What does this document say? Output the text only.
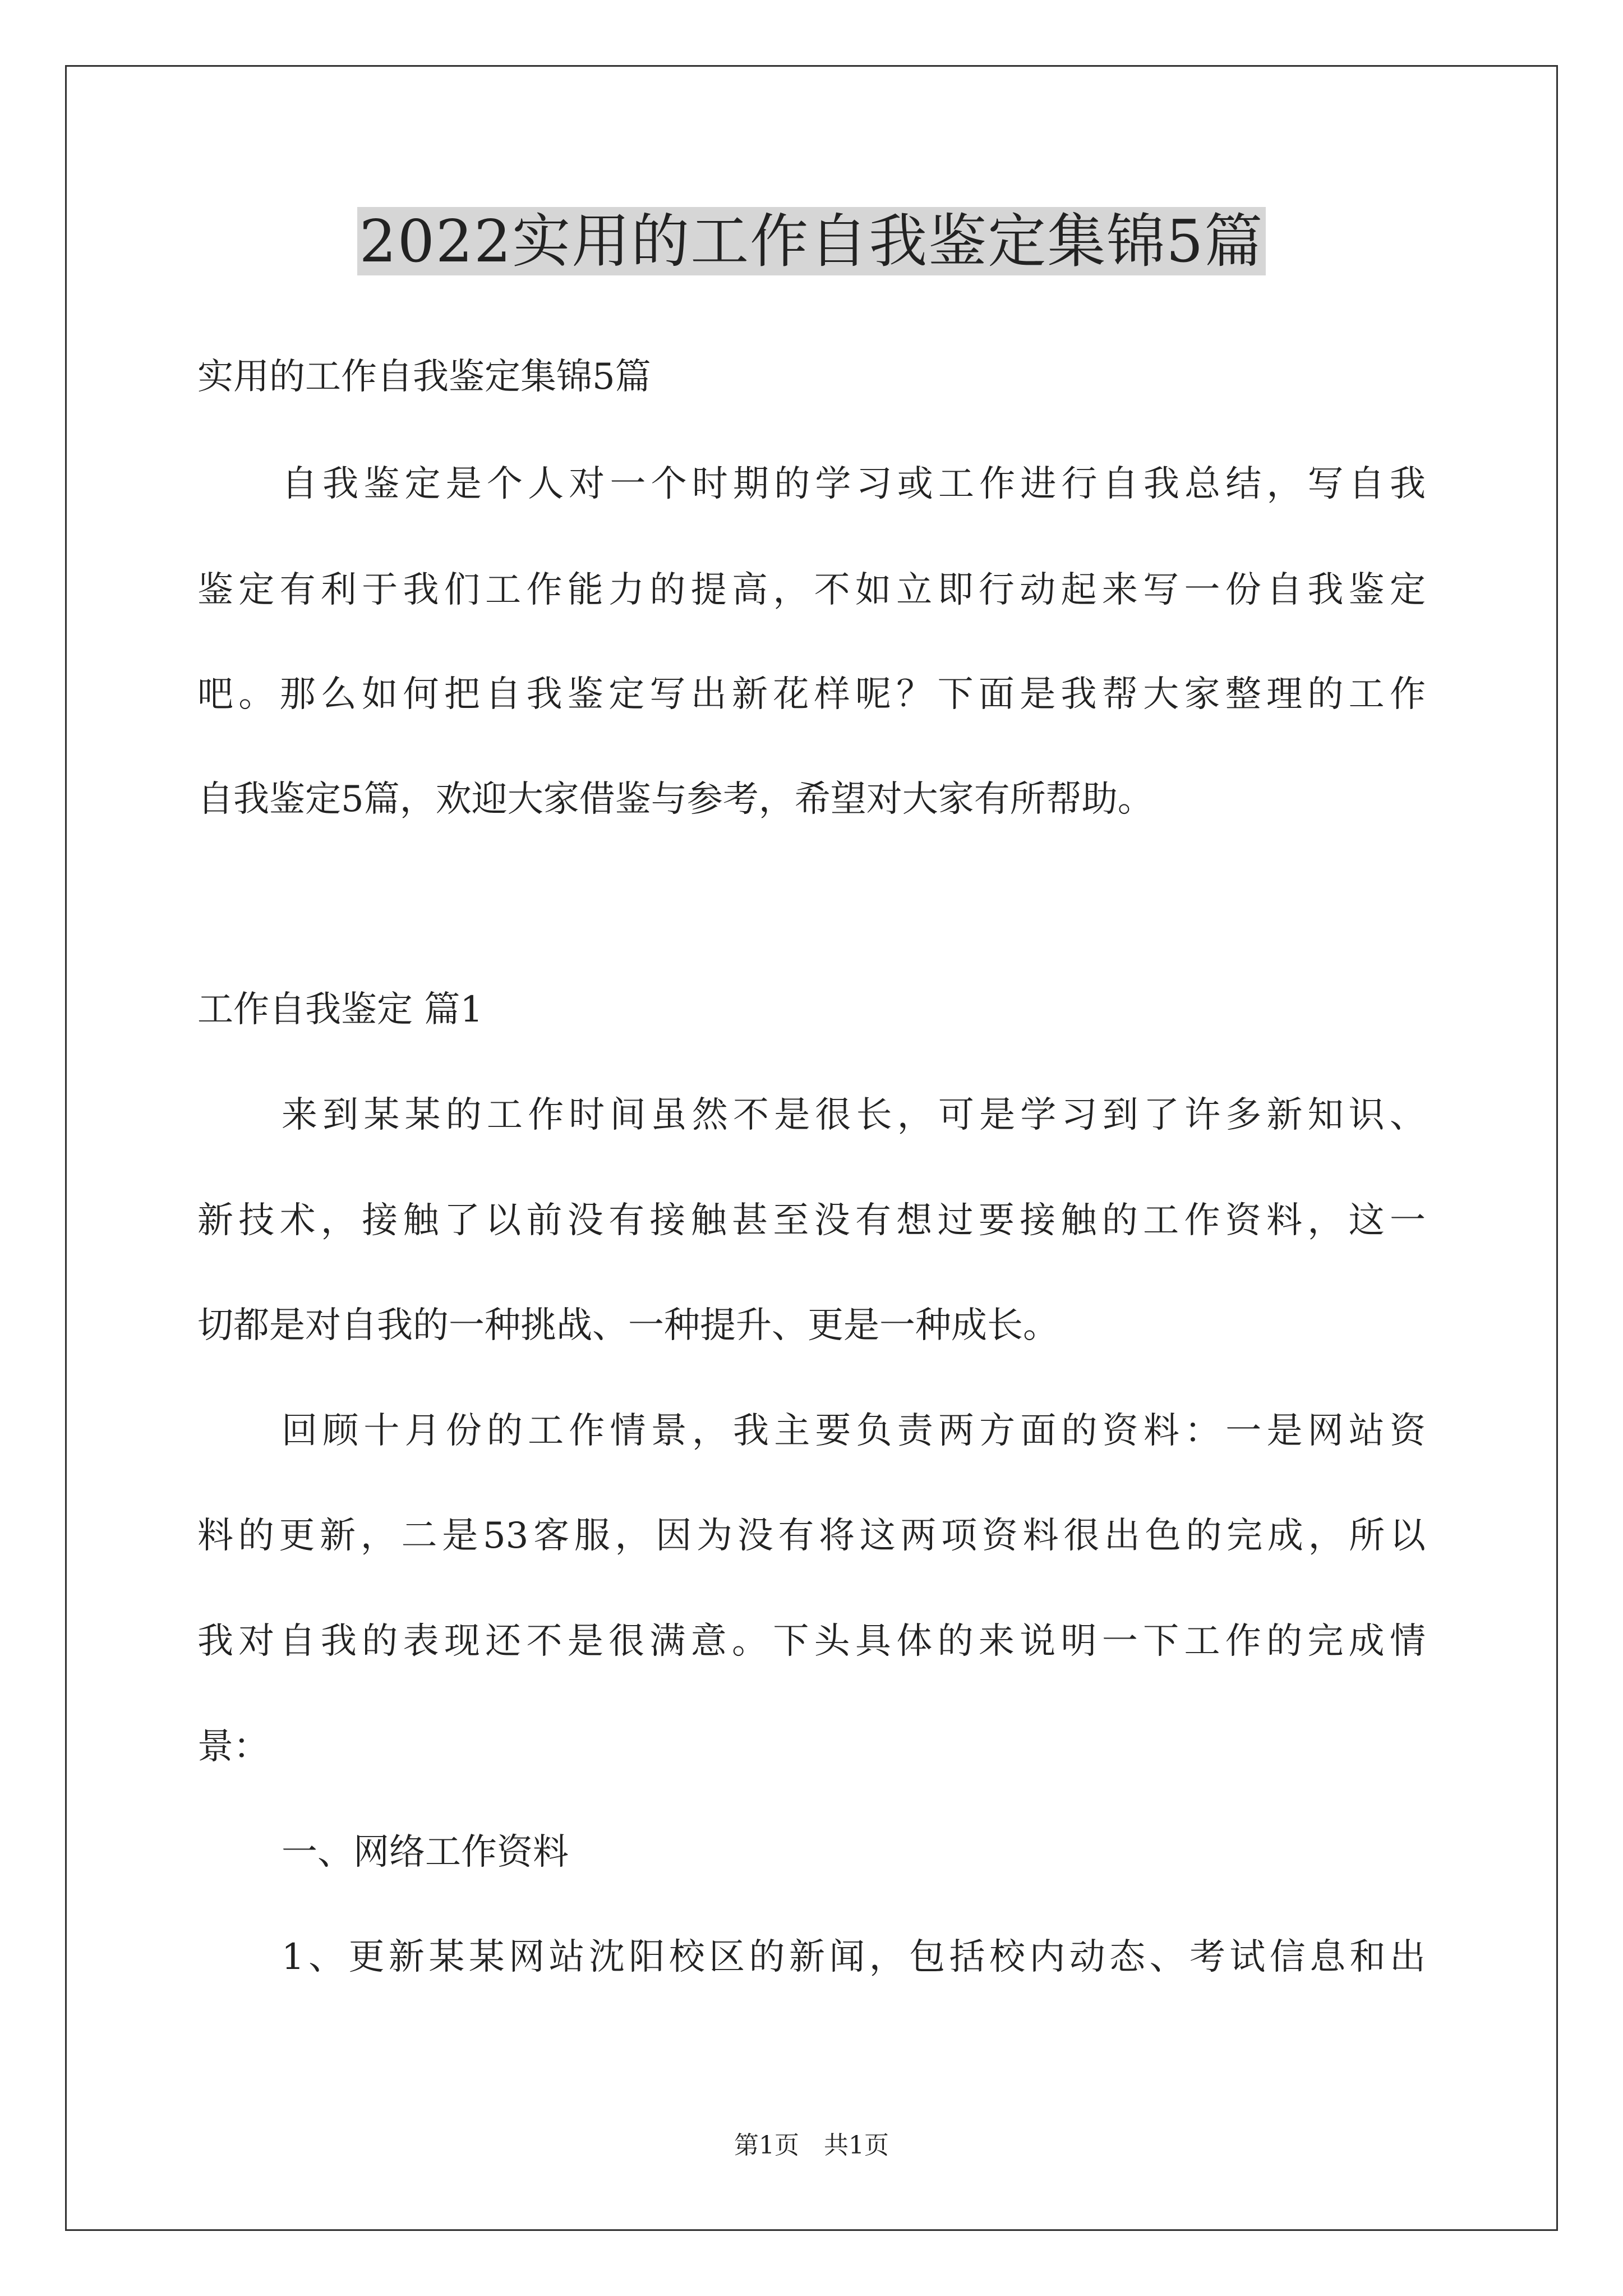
2022实用的工作自我鉴定集锦5篇
实用的工作自我鉴定集锦5篇
自我鉴定是个人对一个时期的学习或工作进行自我总结，写自我
鉴定有利于我们工作能力的提高，不如立即行动起来写一份自我鉴定
吧。那么如何把自我鉴定写出新花样呢？下面是我帮大家整理的工作
自我鉴定5篇，欢迎大家借鉴与参考，希望对大家有所帮助。
工作自我鉴定 篇1
来到某某的工作时间虽然不是很长，可是学习到了许多新知识、
新技术，接触了以前没有接触甚至没有想过要接触的工作资料，这一
切都是对自我的一种挑战、一种提升、更是一种成长。
回顾十月份的工作情景，我主要负责两方面的资料：一是网站资
料的更新，二是53客服，因为没有将这两项资料很出色的完成，所以
我对自我的表现还不是很满意。下头具体的来说明一下工作的完成情
景：
一、网络工作资料
1、更新某某网站沈阳校区的新闻，包括校内动态、考试信息和出
第1页　共1页
